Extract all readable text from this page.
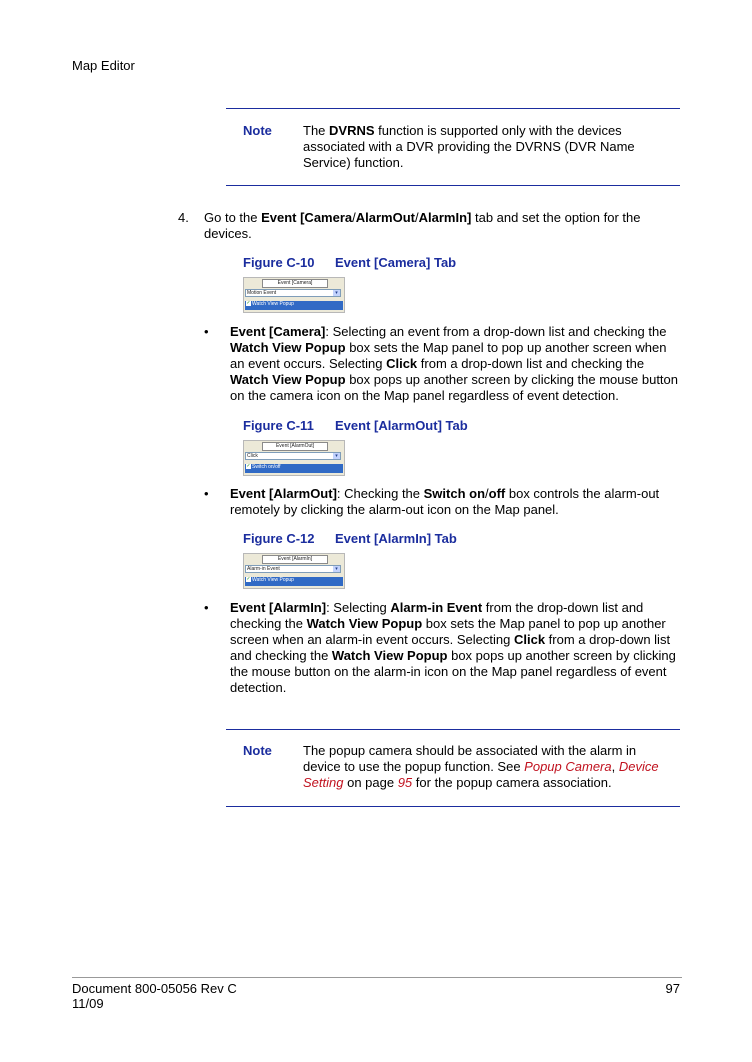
Map Editor
Note The DVRNS function is supported only with the devices associated with a DVR providing the DVRNS (DVR Name Service) function.
4. Go to the Event [Camera/AlarmOut/AlarmIn] tab and set the option for the devices.
Figure C-10 Event [Camera] Tab
Event [Camera]
Motion Event	▾
✓Watch View Popup
• Event [Camera]: Selecting an event from a drop-down list and checking the Watch View Popup box sets the Map panel to pop up another screen when an event occurs. Selecting Click from a drop-down list and checking the Watch View Popup box pops up another screen by clicking the mouse button on the camera icon on the Map panel regardless of event detection.
Figure C-11 Event [AlarmOut] Tab
Event [AlarmOut]
Click	▾
✓Switch on/off
• Event [AlarmOut]: Checking the Switch on/off box controls the alarm-out remotely by clicking the alarm-out icon on the Map panel.
Figure C-12 Event [AlarmIn] Tab
Event [AlarmIn]
Alarm-in Event	▾
✓Watch View Popup
• Event [AlarmIn]: Selecting Alarm-in Event from the drop-down list and checking the Watch View Popup box sets the Map panel to pop up another screen when an alarm-in event occurs. Selecting Click from a drop-down list and checking the Watch View Popup box pops up another screen by clicking the mouse button on the alarm-in icon on the Map panel regardless of event detection.
Note The popup camera should be associated with the alarm in device to use the popup function. See Popup Camera, Device Setting on page 95 for the popup camera association.
Document 800-05056 Rev C
11/09
97
